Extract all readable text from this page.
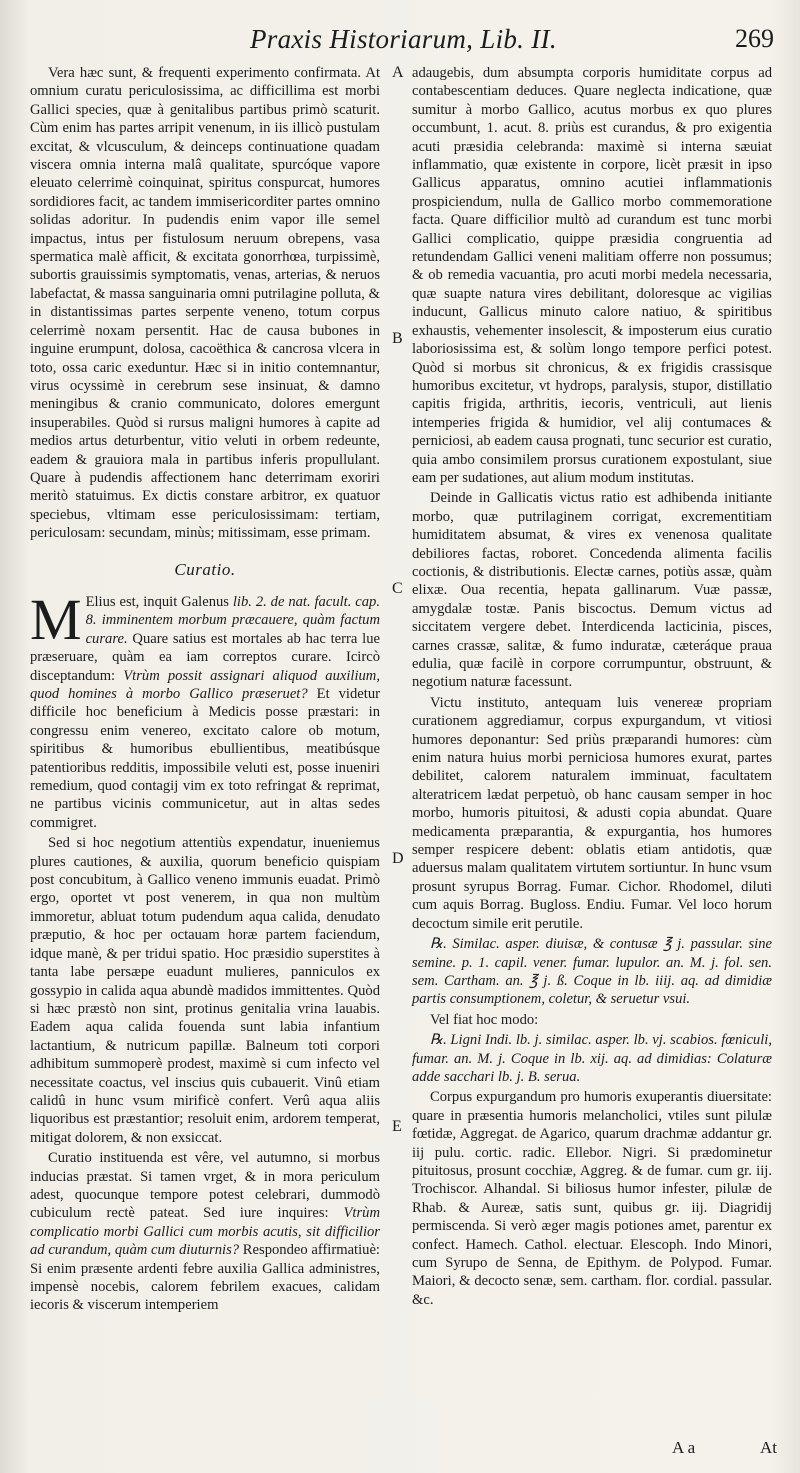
Praxis Historiarum, Lib. II.	269

Vera hæc sunt, & frequenti experimento confirmata. At omnium curatu periculosissima, ac difficillima est morbi Gallici species, quæ à genitalibus partibus primò scaturit. Cùm enim has partes arripit venenum, in iis illicò pustulam excitat, & vlcusculum, & deinceps continuatione quadam viscera omnia interna malâ qualitate, spurcóque vapore eleuato celerrimè coinquinat, spiritus conspurcat, humores sordidiores facit, ac tandem immisericorditer partes omnino solidas adoritur. In pudendis enim vapor ille semel impactus, intus per fistulosum neruum obrepens, vasa spermatica malè afficit, & excitata gonorrhœa, turpissimè, subortis grauissimis symptomatis, venas, arterias, & neruos labefactat, & massa sanguinaria omni putrilagine polluta, & in distantissimas partes serpente veneno, totum corpus celerrimè noxam persentit. Hac de causa bubones in inguine erumpunt, dolosa, cacoëthica & cancrosa vlcera in toto, ossa caric exeduntur. Hæc si in initio contemnantur, virus ocyssimè in cerebrum sese insinuat, & damno meningibus & cranio communicato, dolores emergunt insuperabiles. Quòd si rursus maligni humores à capite ad medios artus deturbentur, vitio veluti in orbem redeunte, eadem & grauiora mala in partibus inferis propullulant. Quare à pudendis affectionem hanc deterrimam exoriri meritò statuimus. Ex dictis constare arbitror, ex quatuor speciebus, vltimam esse periculosissimam: tertiam, periculosam: secundam, minùs; mitissimam, esse primam.

Curatio.

M Elius est, inquit Galenus lib. 2. de nat. facult. cap. 8. imminentem morbum præcauere, quàm factum curare. Quare satius est mortales ab hac terra lue præseruare, quàm ea iam correptos curare. Icircò disceptandum: Vtrùm possit assignari aliquod auxilium, quod homines à morbo Gallico præseruet? Et videtur difficile hoc beneficium à Medicis posse præstari: in congressu enim venereo, excitato calore ob motum, spiritibus & humoribus ebullientibus, meatibúsque patentioribus redditis, impossibile veluti est, posse inueniri remedium, quod contagij vim ex toto refringat & reprimat, ne partibus vicinis communicetur, aut in altas sedes commigret.

Sed si hoc negotium attentiùs expendatur, inueniemus plures cautiones, & auxilia, quorum beneficio quispiam post concubitum, à Gallico veneno immunis euadat. Primò ergo, oportet vt post venerem, in qua non multùm immoretur, abluat totum pudendum aqua calida, denudato præputio, & hoc per octauam horæ partem faciendum, idque manè, & per tridui spatio. Hoc præsidio superstites à tanta labe persæpe euadunt mulieres, panniculos ex gossypio in calida aqua abundè madidos immittentes. Quòd si hæc præstò non sint, protinus genitalia vrina lauabis. Eadem aqua calida fouenda sunt labia infantium lactantium, & nutricum papillæ. Balneum toti corpori adhibitum summoperè prodest, maximè si cum infecto vel necessitate coactus, vel inscius quis cubauerit. Vinû etiam calidû in hunc vsum mirificè confert. Verû aqua aliis liquoribus est præstantior; resoluit enim, ardorem temperat, mitigat dolorem, & non exsiccat.

Curatio instituenda est vêre, vel autumno, si morbus inducias præstat. Si tamen vrget, & in mora periculum adest, quocunque tempore potest celebrari, dummodò cubiculum rectè pateat. Sed iure inquires: Vtrùm complicatio morbi Gallici cum morbis acutis, sit difficilior ad curandum, quàm cum diuturnis? Respondeo affirmatiuè: Si enim præsente ardenti febre auxilia Gallica administres, impensè nocebis, calorem febrilem exacues, calidam iecoris & viscerum intemperiem

A
B
C
D
E

adaugebis, dum absumpta corporis humiditate corpus ad contabescentiam deduces. Quare neglecta indicatione, quæ sumitur à morbo Gallico, acutus morbus ex quo plures occumbunt, 1. acut. 8. priùs est curandus, & pro exigentia acuti præsidia celebranda: maximè si interna sæuiat inflammatio, quæ existente in corpore, licèt præsit in ipso Gallicus apparatus, omnino acutiei inflammationis prospiciendum, nulla de Gallico morbo commemoratione facta. Quare difficilior multò ad curandum est tunc morbi Gallici complicatio, quippe præsidia congruentia ad retundendam Gallici veneni malitiam offerre non possumus; & ob remedia vacuantia, pro acuti morbi medela necessaria, quæ suapte natura vires debilitant, doloresque ac vigilias inducunt, Gallicus minuto calore natiuo, & spiritibus exhaustis, vehementer insolescit, & imposterum eius curatio laboriosissima est, & solùm longo tempore perfici potest. Quòd si morbus sit chronicus, & ex frigidis crassisque humoribus excitetur, vt hydrops, paralysis, stupor, distillatio capitis frigida, arthritis, iecoris, ventriculi, aut lienis intemperies frigida & humidior, vel alij contumaces & perniciosi, ab eadem causa prognati, tunc securior est curatio, quia ambo consimilem prorsus curationem expostulant, siue eam per sudationes, aut alium modum institutas.

Deinde in Gallicatis victus ratio est adhibenda initiante morbo, quæ putrilaginem corrigat, excrementitiam humiditatem absumat, & vires ex venenosa qualitate debiliores factas, roboret. Concedenda alimenta facilis coctionis, & distributionis. Electæ carnes, potiùs assæ, quàm elixæ. Oua recentia, hepata gallinarum. Vuæ passæ, amygdalæ tostæ. Panis biscoctus. Demum victus ad siccitatem vergere debet. Interdicenda lacticinia, pisces, carnes crassæ, salitæ, & fumo induratæ, cæteráque praua edulia, quæ facilè in corpore corrumpuntur, obstruunt, & negotium naturæ facessunt.

Victu instituto, antequam luis venereæ propriam curationem aggrediamur, corpus expurgandum, vt vitiosi humores deponantur: Sed priùs præparandi humores: cùm enim natura huius morbi perniciosa humores exurat, partes debilitet, calorem naturalem imminuat, facultatem alteratricem lædat perpetuò, ob hanc causam semper in hoc morbo, humoris pituitosi, & adusti copia abundat. Quare medicamenta præparantia, & expurgantia, hos humores semper respicere debent: oblatis etiam antidotis, quæ aduersus malam qualitatem virtutem sortiuntur. In hunc vsum prosunt syrupus Borrag. Fumar. Cichor. Rhodomel, diluti cum aquis Borrag. Bugloss. Endiu. Fumar. Vel loco horum decoctum simile erit perutile.

℞. Similac. asper. diuisæ, & contusæ ℥ j. passular. sine semine. p. 1. capil. vener. fumar. lupulor. an. M. j. fol. sen. sem. Cartham. an. ℥ j. ß. Coque in lb. iiij. aq. ad dimidiæ partis consumptionem, coletur, & seruetur vsui.

Vel fiat hoc modo:

℞. Ligni Indi. lb. j. similac. asper. lb. vj. scabios. fœniculi, fumar. an. M. j. Coque in lb. xij. aq. ad dimidias: Colaturæ adde sacchari lb. j. B. serua.

Corpus expurgandum pro humoris exuperantis diuersitate: quare in præsentia humoris melancholici, vtiles sunt pilulæ fœtidæ, Aggregat. de Agarico, quarum drachmæ addantur gr. iij pulu. cortic. radic. Ellebor. Nigri. Si prædominetur pituitosus, prosunt cocchiæ, Aggreg. & de fumar. cum gr. iij. Trochiscor. Alhandal. Si biliosus humor infester, pilulæ de Rhab. & Aureæ, satis sunt, quibus gr. iij. Diagridij permiscenda. Si verò æger magis potiones amet, parentur ex confect. Hamech. Cathol. electuar. Elescoph. Indo Minori, cum Syrupo de Senna, de Epithym. de Polypod. Fumar. Maiori, & decocto senæ, sem. cartham. flor. cordial. passular. &c.

A a	At
